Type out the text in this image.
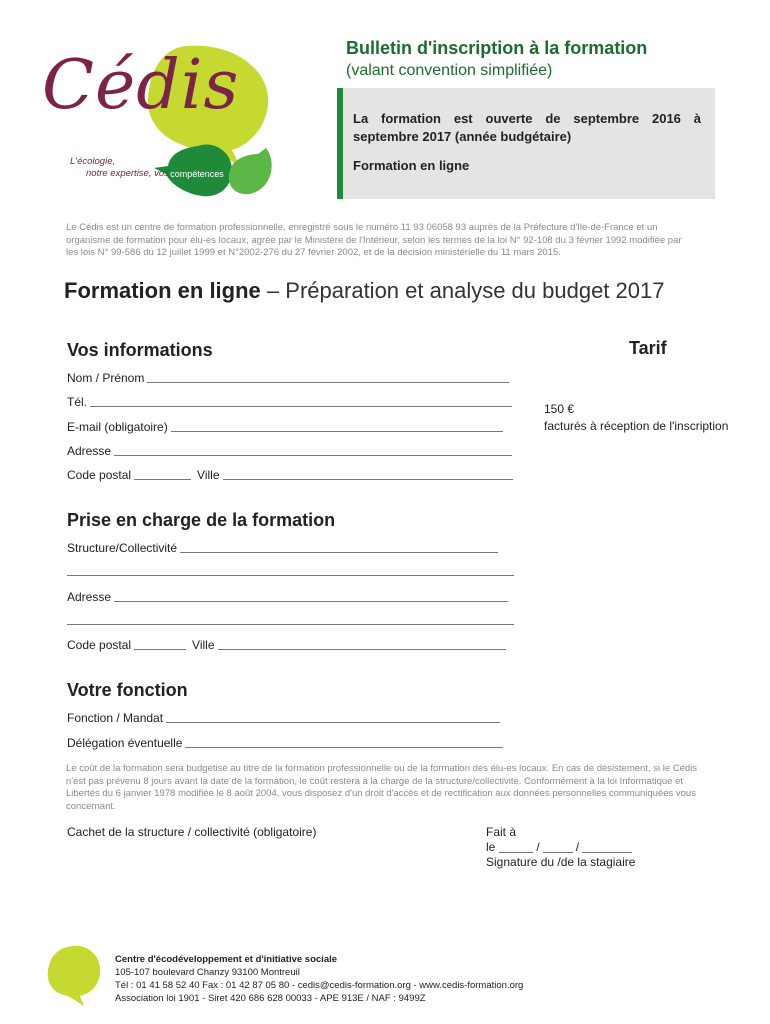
Cédis
L'écologie,
notre expertise, vos compétences
Bulletin d'inscription à la formation
(valant convention simplifiée)
La formation est ouverte de septembre 2016 à septembre 2017 (année budgétaire)
Formation en ligne
Le Cédis est un centre de formation professionnelle, enregistré sous le numéro 11 93 06058 93 auprès de la Préfecture d'Ile-de-France et un organisme de formation pour élu-es locaux, agrée par le Ministère de l'Intérieur, selon les termes de la loi N° 92-108 du 3 février 1992 modifiée par les lois N° 99-586 du 12 juillet 1999 et N°2002-276 du 27 février 2002, et de la décision ministérielle du 11 mars 2015.
Formation en ligne – Préparation et analyse du budget 2017
Vos informations	Tarif
Nom / Prénom
Tél.
E-mail (obligatoire)
Adresse
Code postal	Ville
150 €
facturés à réception de l'inscription
Prise en charge de la formation
Structure/Collectivité
Adresse
Code postal	Ville
Votre fonction
Fonction / Mandat
Délégation éventuelle
Le coût de la formation sera budgétisé au titre de la formation professionnelle ou de la formation des élu-es locaux. En cas de désistement, si le Cédis n'est pas prévenu 8 jours avant la date de la formation, le coût restera à la charge de la structure/collectivité. Conformément à la loi Informatique et Libertés du 6 janvier 1978 modifiée le 8 août 2004, vous disposez d'un droit d'accès et de rectification aux données personnelles communiquées vous concernant.
Cachet de la structure / collectivité (obligatoire)	Fait à
le	/	/
Signature du /de la stagiaire
Centre d'écodéveloppement et d'initiative sociale
105-107 boulevard Chanzy 93100 Montreuil
Tél : 01 41 58 52 40 Fax : 01 42 87 05 80 - cedis@cedis-formation.org - www.cedis-formation.org
Association loi 1901 - Siret 420 686 628 00033 - APE 913E / NAF : 9499Z
